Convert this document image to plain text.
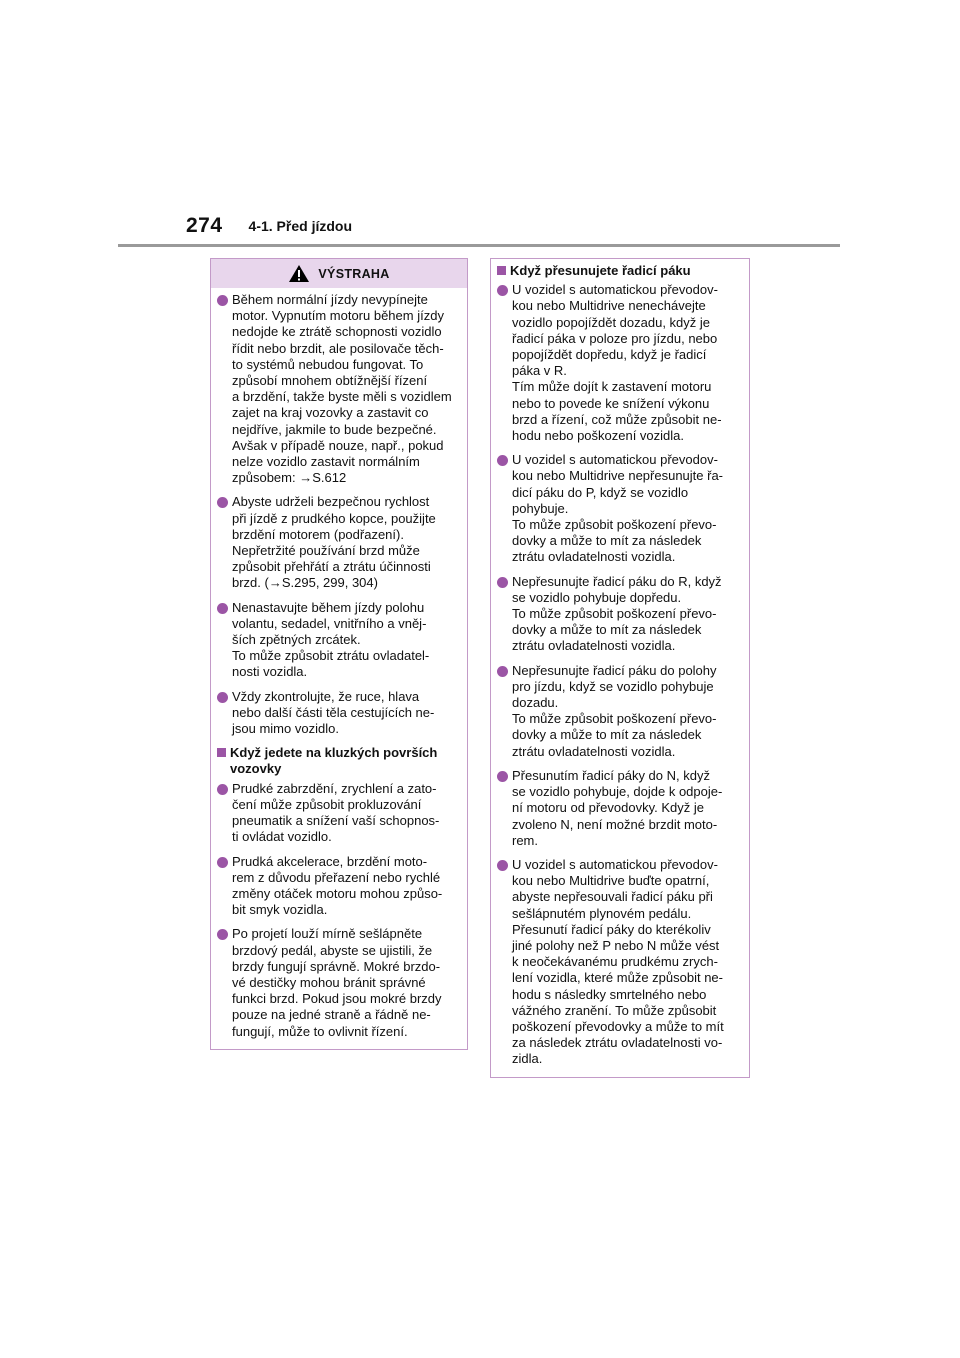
274 4-1. Před jízdou
VÝSTRAHA
Během normální jízdy nevypínejte
motor. Vypnutím motoru během jízdy
nedojde ke ztrátě schopnosti vozidlo
řídit nebo brzdit, ale posilovače těch-
to systémů nebudou fungovat. To
způsobí mnohem obtížnější řízení
a brzdění, takže byste měli s vozidlem
zajet na kraj vozovky a zastavit co
nejdříve, jakmile to bude bezpečné.
Avšak v případě nouze, např., pokud
nelze vozidlo zastavit normálním
způsobem: →S.612
Abyste udrželi bezpečnou rychlost
při jízdě z prudkého kopce, použijte
brzdění motorem (podřazení).
Nepřetržité používání brzd může
způsobit přehřátí a ztrátu účinnosti
brzd. (→S.295, 299, 304)
Nenastavujte během jízdy polohu
volantu, sedadel, vnitřního a vněj-
ších zpětných zrcátek.
To může způsobit ztrátu ovladatel-
nosti vozidla.
Vždy zkontrolujte, že ruce, hlava
nebo další části těla cestujících ne-
jsou mimo vozidlo.
Když jedete na kluzkých površích
vozovky
Prudké zabrzdění, zrychlení a zato-
čení může způsobit prokluzování
pneumatik a snížení vaší schopnos-
ti ovládat vozidlo.
Prudká akcelerace, brzdění moto-
rem z důvodu přeřazení nebo rychlé
změny otáček motoru mohou způso-
bit smyk vozidla.
Po projetí louží mírně sešlápněte
brzdový pedál, abyste se ujistili, že
brzdy fungují správně. Mokré brzdo-
vé destičky mohou bránit správné
funkci brzd. Pokud jsou mokré brzdy
pouze na jedné straně a řádně ne-
fungují, může to ovlivnit řízení.
Když přesunujete řadicí páku
U vozidel s automatickou převodov-
kou nebo Multidrive nenechávejte
vozidlo popojíždět dozadu, když je
řadicí páka v poloze pro jízdu, nebo
popojíždět dopředu, když je řadicí
páka v R.
Tím může dojít k zastavení motoru
nebo to povede ke snížení výkonu
brzd a řízení, což může způsobit ne-
hodu nebo poškození vozidla.
U vozidel s automatickou převodov-
kou nebo Multidrive nepřesunujte řa-
dicí páku do P, když se vozidlo
pohybuje.
To může způsobit poškození převo-
dovky a může to mít za následek
ztrátu ovladatelnosti vozidla.
Nepřesunujte řadicí páku do R, když
se vozidlo pohybuje dopředu.
To může způsobit poškození převo-
dovky a může to mít za následek
ztrátu ovladatelnosti vozidla.
Nepřesunujte řadicí páku do polohy
pro jízdu, když se vozidlo pohybuje
dozadu.
To může způsobit poškození převo-
dovky a může to mít za následek
ztrátu ovladatelnosti vozidla.
Přesunutím řadicí páky do N, když
se vozidlo pohybuje, dojde k odpoje-
ní motoru od převodovky. Když je
zvoleno N, není možné brzdit moto-
rem.
U vozidel s automatickou převodov-
kou nebo Multidrive buďte opatrní,
abyste nepřesouvali řadicí páku při
sešlápnutém plynovém pedálu.
Přesunutí řadicí páky do kterékoliv
jiné polohy než P nebo N může vést
k neočekávanému prudkému zrych-
lení vozidla, které může způsobit ne-
hodu s následky smrtelného nebo
vážného zranění. To může způsobit
poškození převodovky a může to mít
za následek ztrátu ovladatelnosti vo-
zidla.
